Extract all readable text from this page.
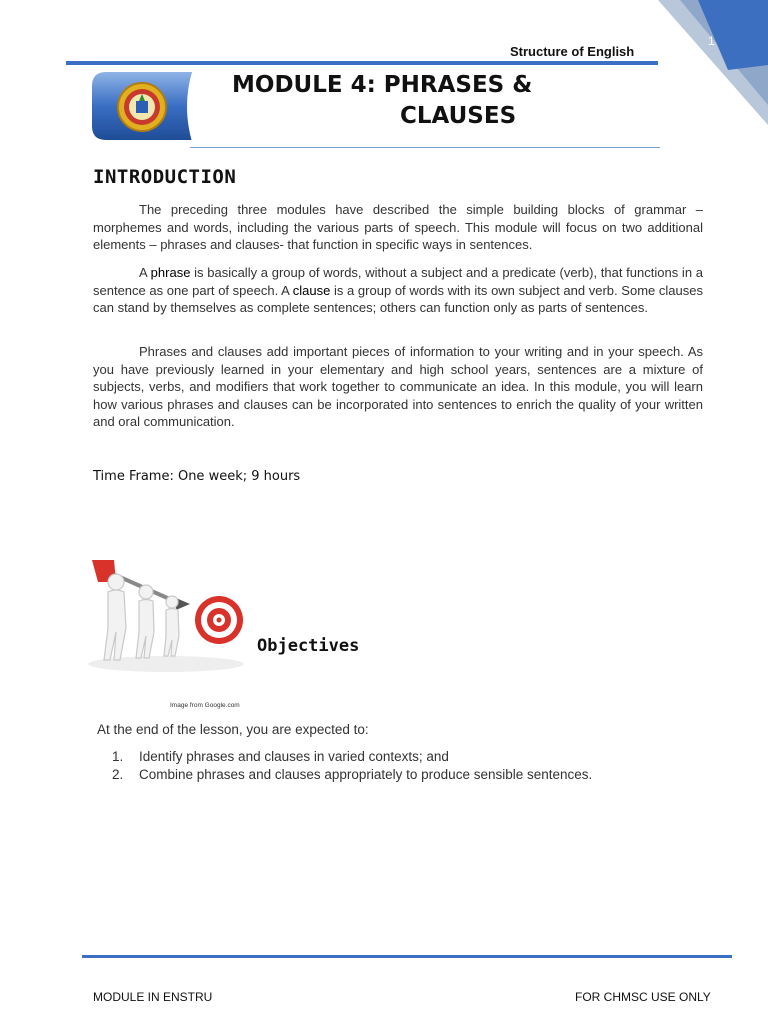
1
Structure of English
MODULE 4: PHRASES &
CLAUSES
INTRODUCTION
The preceding three modules have described the simple building blocks of grammar – morphemes and words, including the various parts of speech. This module will focus on two additional elements – phrases and clauses- that function in specific ways in sentences.
A phrase is basically a group of words, without a subject and a predicate (verb), that functions in a sentence as one part of speech. A clause is a group of words with its own subject and verb. Some clauses can stand by themselves as complete sentences; others can function only as parts of sentences.
Phrases and clauses add important pieces of information to your writing and in your speech. As you have previously learned in your elementary and high school years, sentences are a mixture of subjects, verbs, and modifiers that work together to communicate an idea. In this module, you will learn how various phrases and clauses can be incorporated into sentences to enrich the quality of your written and oral communication.
Time Frame: One week; 9 hours
Objectives
Image from Google.com
At the end of the lesson, you are expected to:
1.	Identify phrases and clauses in varied contexts; and
2.	Combine phrases and clauses appropriately to produce sensible sentences.
MODULE IN ENSTRU	FOR CHMSC USE ONLY
